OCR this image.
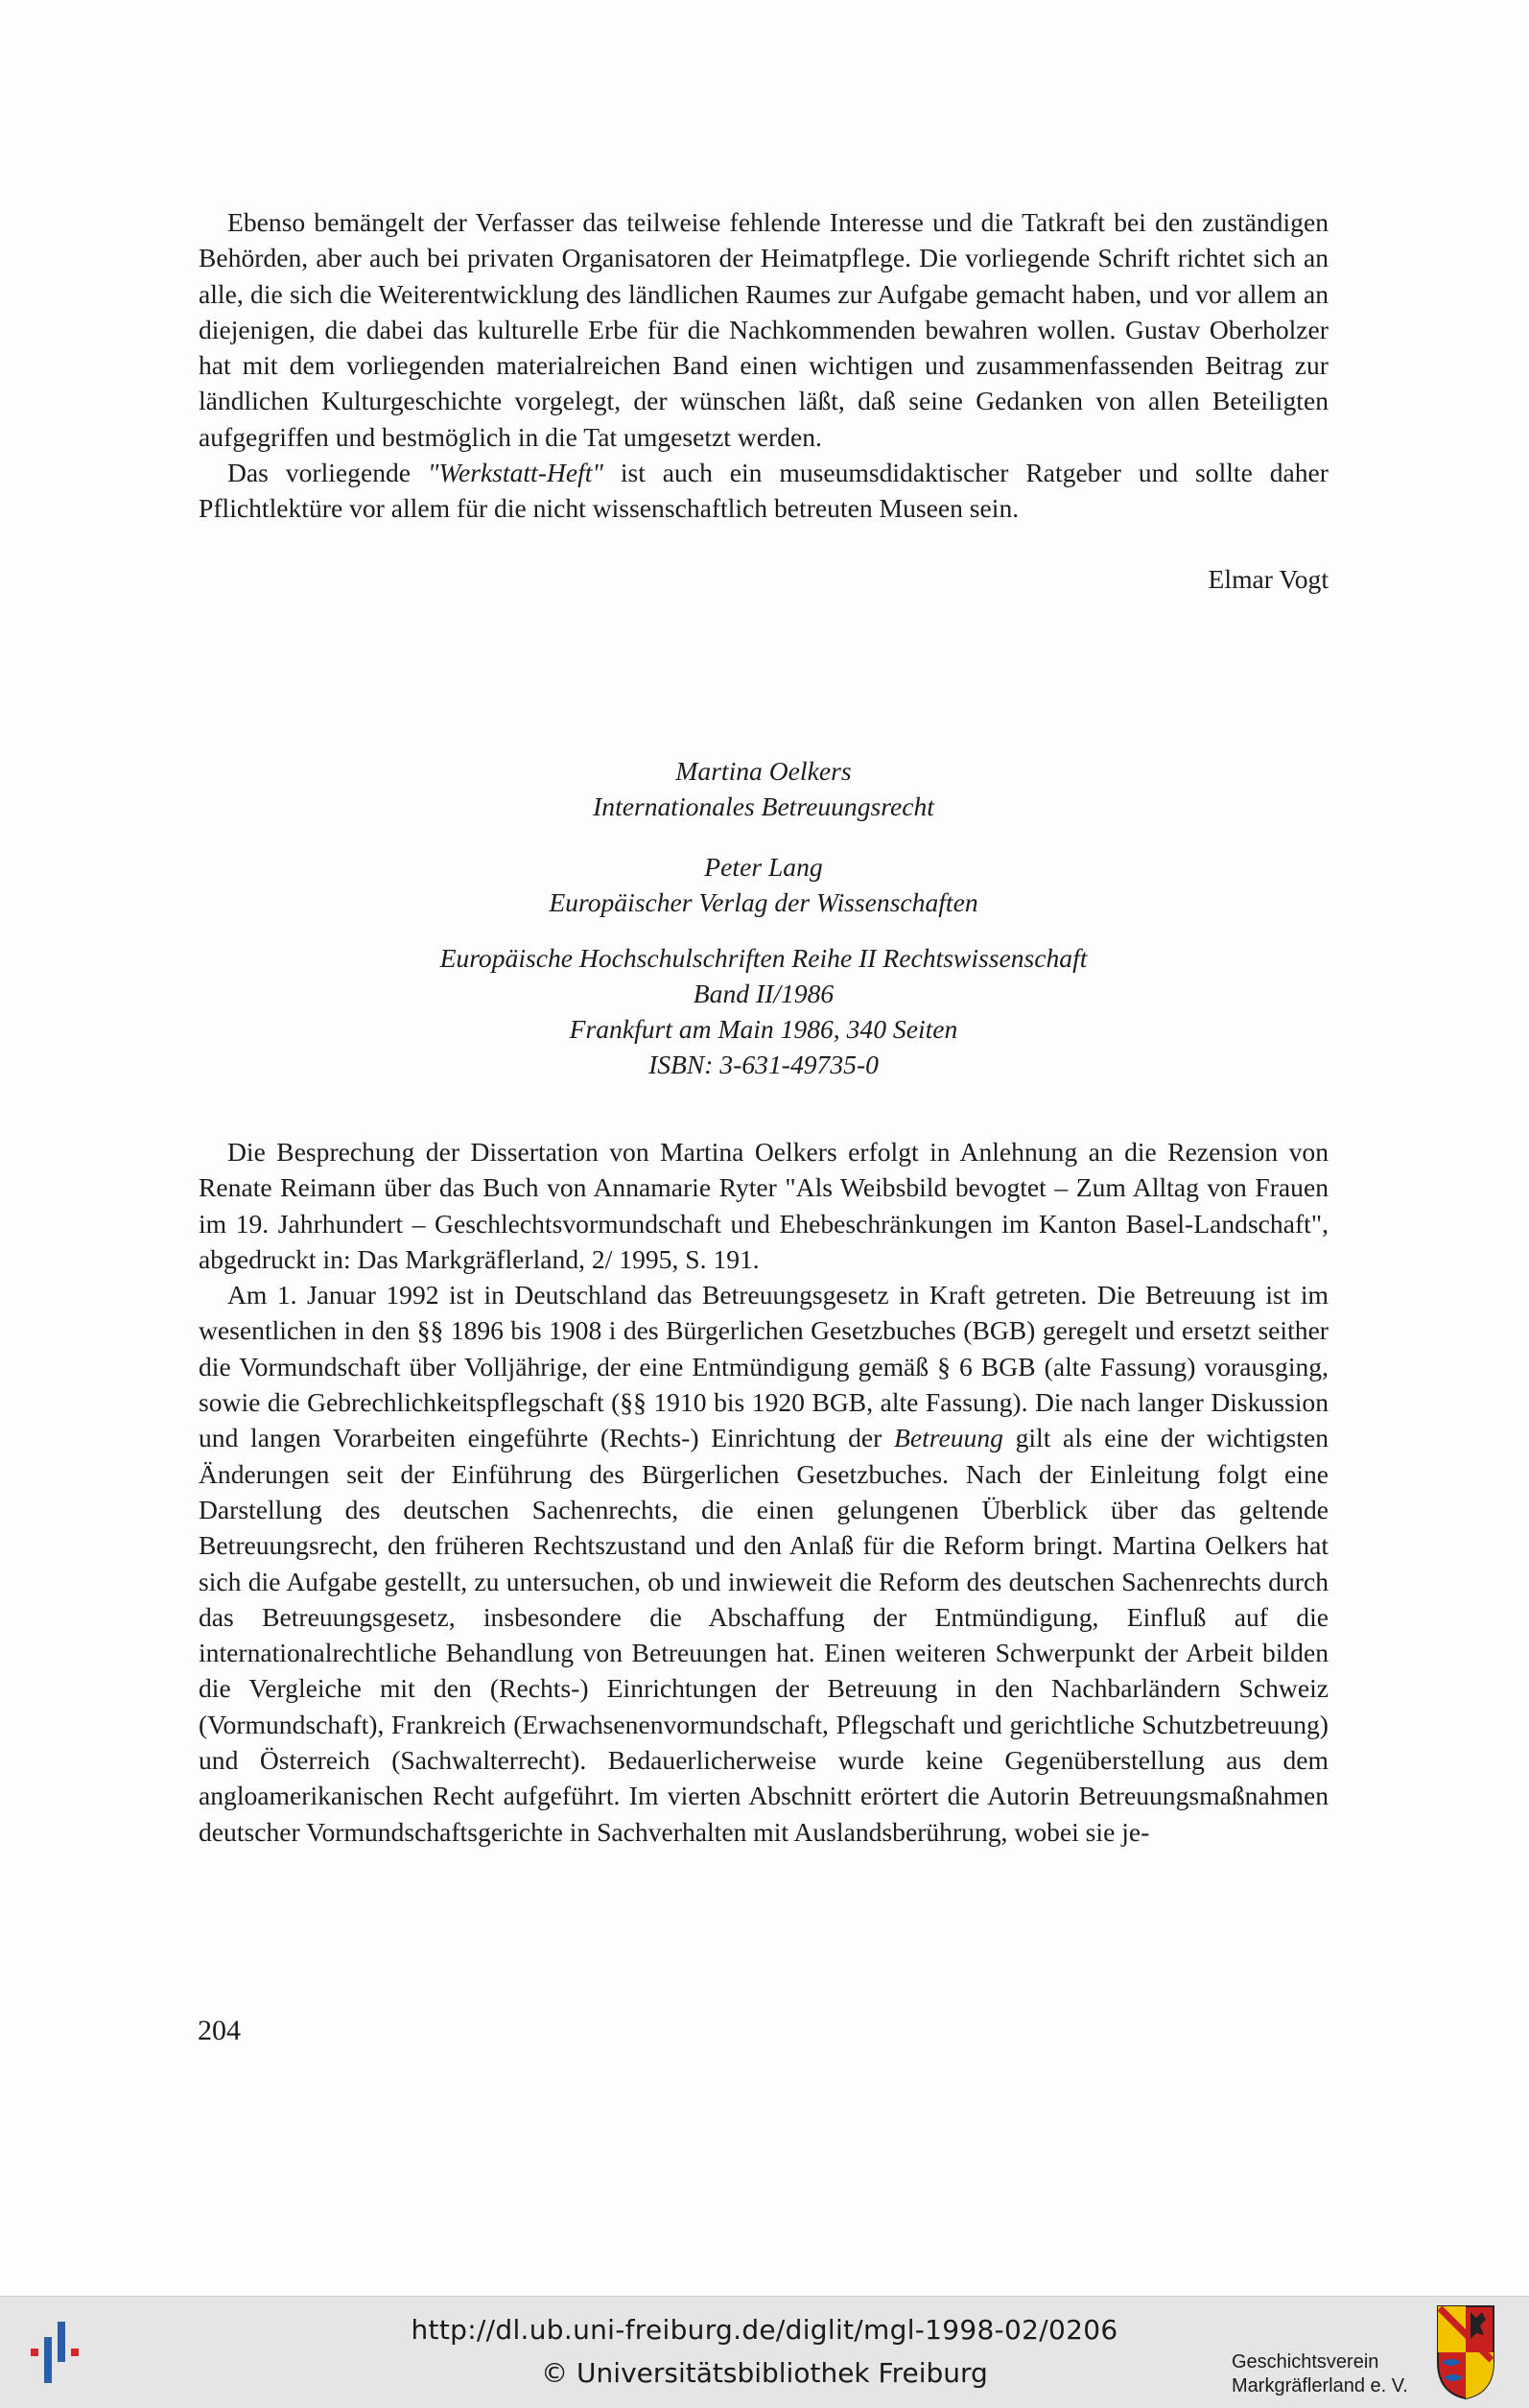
Ebenso bemängelt der Verfasser das teilweise fehlende Interesse und die Tatkraft bei den zuständigen Behörden, aber auch bei privaten Organisatoren der Heimatpflege. Die vorliegende Schrift richtet sich an alle, die sich die Weiterentwicklung des ländlichen Raumes zur Aufgabe gemacht haben, und vor allem an diejenigen, die dabei das kulturelle Erbe für die Nachkommenden bewahren wollen. Gustav Oberholzer hat mit dem vorliegenden materialreichen Band einen wichtigen und zusammenfassenden Beitrag zur ländlichen Kulturgeschichte vorgelegt, der wünschen läßt, daß seine Gedanken von allen Beteiligten aufgegriffen und bestmöglich in die Tat umgesetzt werden.

Das vorliegende "Werkstatt-Heft" ist auch ein museumsdidaktischer Ratgeber und sollte daher Pflichtlektüre vor allem für die nicht wissenschaftlich betreuten Museen sein.

Elmar Vogt

Martina Oelkers

Internationales Betreuungsrecht

Peter Lang

Europäischer Verlag der Wissenschaften

Europäische Hochschulschriften Reihe II Rechtswissenschaft

Band II/1986

Frankfurt am Main 1986, 340 Seiten

ISBN: 3-631-49735-0

Die Besprechung der Dissertation von Martina Oelkers erfolgt in Anlehnung an die Rezension von Renate Reimann über das Buch von Annamarie Ryter "Als Weibsbild bevogtet – Zum Alltag von Frauen im 19. Jahrhundert – Geschlechtsvormundschaft und Ehebeschränkungen im Kanton Basel-Landschaft", abgedruckt in: Das Markgräflerland, 2/ 1995, S. 191.

Am 1. Januar 1992 ist in Deutschland das Betreuungsgesetz in Kraft getreten. Die Betreuung ist im wesentlichen in den §§ 1896 bis 1908 i des Bürgerlichen Gesetzbuches (BGB) geregelt und ersetzt seither die Vormundschaft über Volljährige, der eine Entmündigung gemäß § 6 BGB (alte Fassung) vorausging, sowie die Gebrechlichkeitspflegschaft (§§ 1910 bis 1920 BGB, alte Fassung). Die nach langer Diskussion und langen Vorarbeiten eingeführte (Rechts-) Einrichtung der Betreuung gilt als eine der wichtigsten Änderungen seit der Einführung des Bürgerlichen Gesetzbuches. Nach der Einleitung folgt eine Darstellung des deutschen Sachenrechts, die einen gelungenen Überblick über das geltende Betreuungsrecht, den früheren Rechtszustand und den Anlaß für die Reform bringt. Martina Oelkers hat sich die Aufgabe gestellt, zu untersuchen, ob und inwieweit die Reform des deutschen Sachenrechts durch das Betreuungsgesetz, insbesondere die Abschaffung der Entmündigung, Einfluß auf die internationalrechtliche Behandlung von Betreuungen hat. Einen weiteren Schwerpunkt der Arbeit bilden die Vergleiche mit den (Rechts-) Einrichtungen der Betreuung in den Nachbarländern Schweiz (Vormundschaft), Frankreich (Erwachsenenvormundschaft, Pflegschaft und gerichtliche Schutzbetreuung) und Österreich (Sachwalterrecht). Bedauerlicherweise wurde keine Gegenüberstellung aus dem angloamerikanischen Recht aufgeführt. Im vierten Abschnitt erörtert die Autorin Betreuungsmaßnahmen deutscher Vormundschaftsgerichte in Sachverhalten mit Auslandsberührung, wobei sie je-

204
http://dl.ub.uni-freiburg.de/diglit/mgl-1998-02/0206
© Universitätsbibliothek Freiburg	Geschichtsverein
Markgräflerland e. V.
